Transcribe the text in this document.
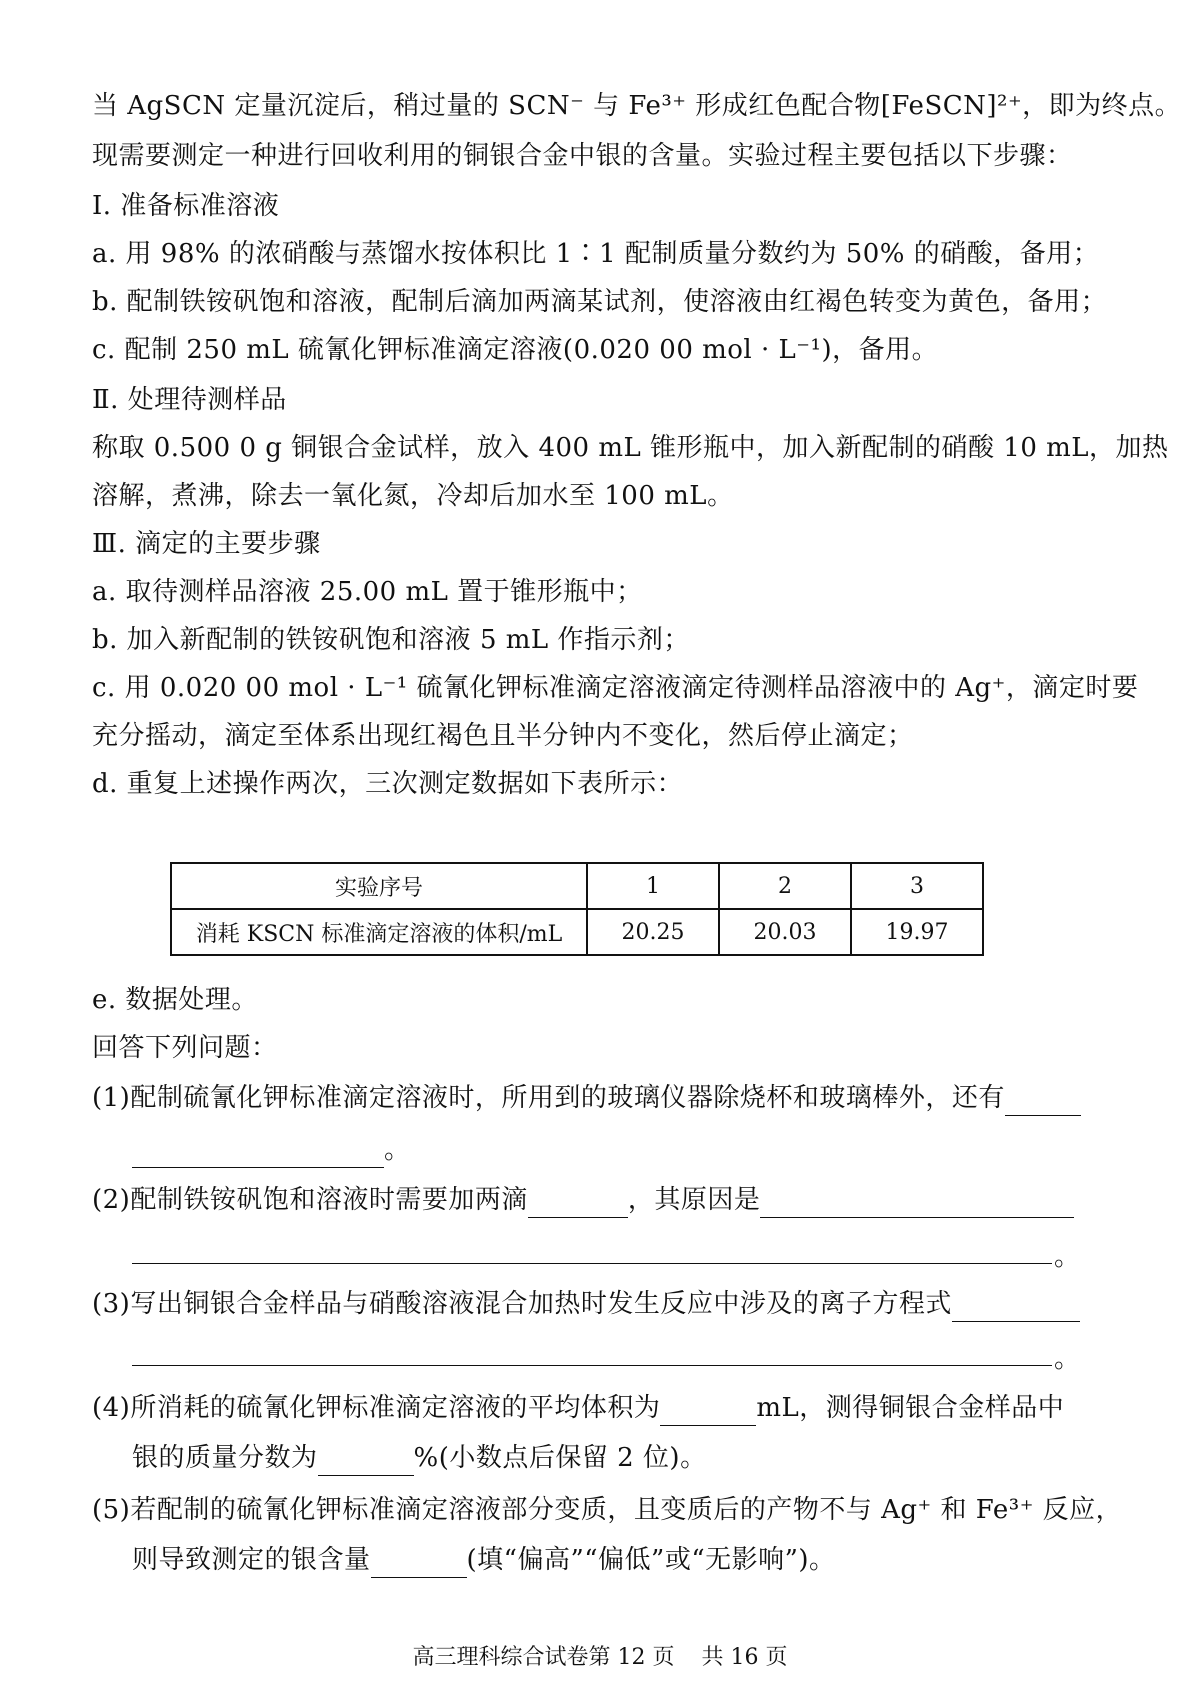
当 AgSCN 定量沉淀后，稍过量的 SCN⁻ 与 Fe³⁺ 形成红色配合物[FeSCN]²⁺，即为终点。
现需要测定一种进行回收利用的铜银合金中银的含量。实验过程主要包括以下步骤：
Ⅰ. 准备标准溶液
a. 用 98% 的浓硝酸与蒸馏水按体积比 1∶1 配制质量分数约为 50% 的硝酸，备用；
b. 配制铁铵矾饱和溶液，配制后滴加两滴某试剂，使溶液由红褐色转变为黄色，备用；
c. 配制 250 mL 硫氰化钾标准滴定溶液(0.020 00 mol · L⁻¹)，备用。
Ⅱ. 处理待测样品
称取 0.500 0 g 铜银合金试样，放入 400 mL 锥形瓶中，加入新配制的硝酸 10 mL，加热
溶解，煮沸，除去一氧化氮，冷却后加水至 100 mL。
Ⅲ. 滴定的主要步骤
a. 取待测样品溶液 25.00 mL 置于锥形瓶中；
b. 加入新配制的铁铵矾饱和溶液 5 mL 作指示剂；
c. 用 0.020 00 mol · L⁻¹ 硫氰化钾标准滴定溶液滴定待测样品溶液中的 Ag⁺，滴定时要
充分摇动，滴定至体系出现红褐色且半分钟内不变化，然后停止滴定；
d. 重复上述操作两次，三次测定数据如下表所示：
实验序号	1	2	3
消耗 KSCN 标准滴定溶液的体积/mL	20.25	20.03	19.97
e. 数据处理。
回答下列问题：
(1)配制硫氰化钾标准滴定溶液时，所用到的玻璃仪器除烧杯和玻璃棒外，还有
。
(2)配制铁铵矾饱和溶液时需要加两滴	，其原因是
。
(3)写出铜银合金样品与硝酸溶液混合加热时发生反应中涉及的离子方程式
。
(4)所消耗的硫氰化钾标准滴定溶液的平均体积为	mL，测得铜银合金样品中
银的质量分数为	%(小数点后保留 2 位)。
(5)若配制的硫氰化钾标准滴定溶液部分变质，且变质后的产物不与 Ag⁺ 和 Fe³⁺ 反应，
则导致测定的银含量	(填“偏高”“偏低”或“无影响”)。
高三理科综合试卷第 12 页 共 16 页
